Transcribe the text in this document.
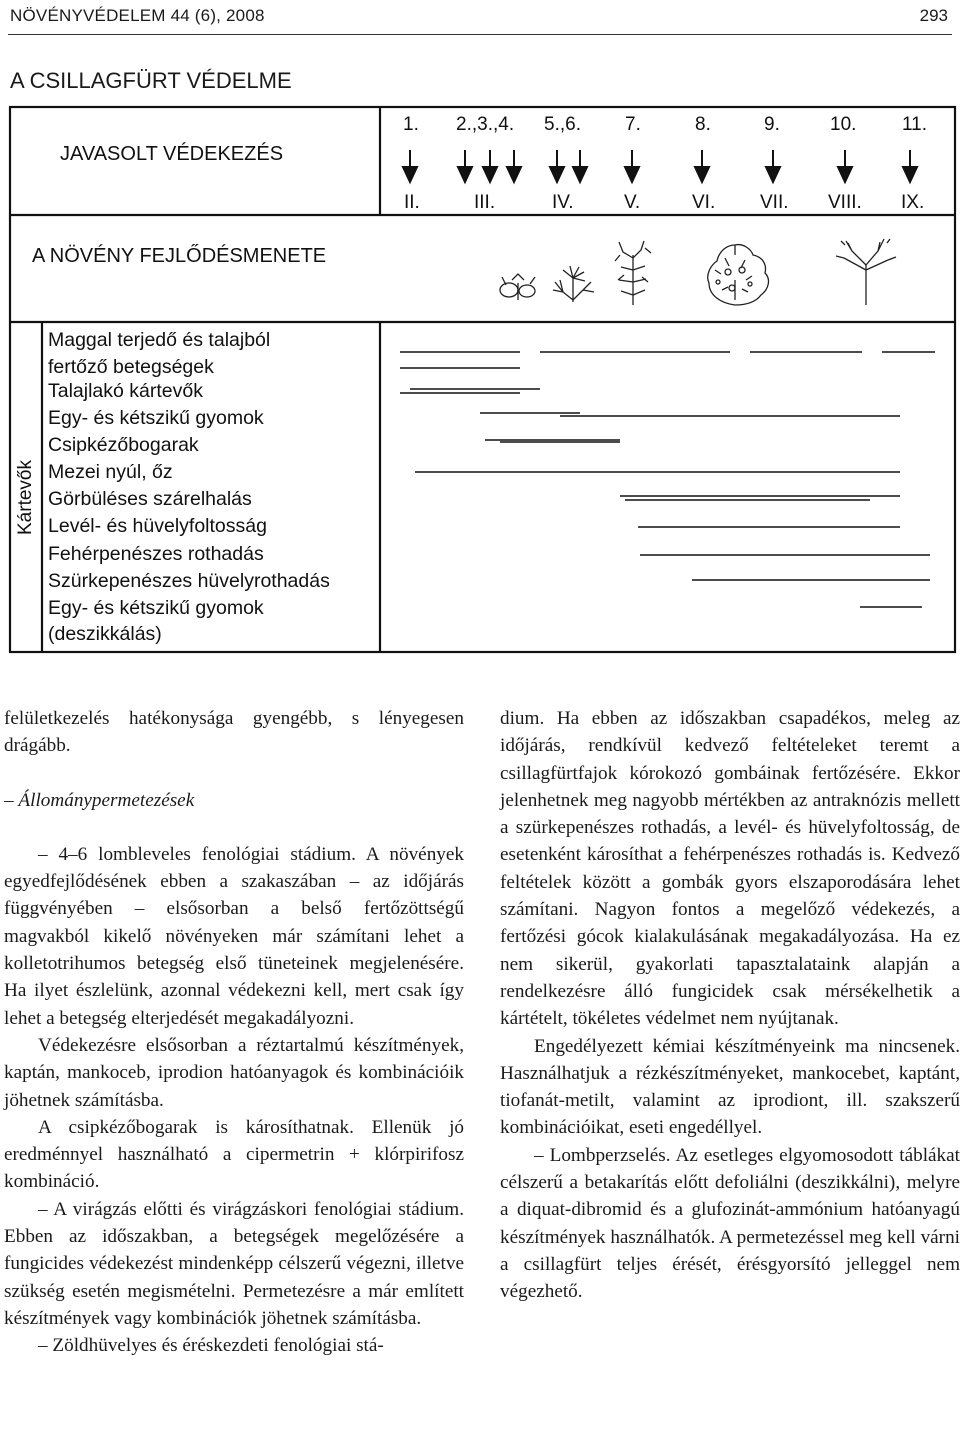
NÖVÉNYVÉDELEM 44 (6), 2008	293
A CSILLAGFÜRT VÉDELME
JAVASOLT VÉDEKEZÉS
A NÖVÉNY FEJLŐDÉSMENETE
Kártevők
1. 2.,3.,4. 5.,6. 7.	8.	9.	10. 11.
II.	III.	IV.	V.	VI. VII. VIII. IX.
Maggal terjedő és talajból
fertőző betegségek
Talajlakó kártevők
Egy- és kétszikű gyomok
Csipkézőbogarak
Mezei nyúl, őz
Görbüléses szárelhalás
Levél- és hüvelyfoltosság
Fehérpenészes rothadás
Szürkepenészes hüvelyrothadás
Egy- és kétszikű gyomok
(deszikkálás)

felületkezelés hatékonysága gyengébb, s lényegesen drágább.

– Állománypermetezések

– 4–6 lombleveles fenológiai stádium. A növények egyedfejlődésének ebben a szakaszában – az időjárás függvényében – elsősorban a belső fertőzöttségű magvakból kikelő növényeken már számítani lehet a kolletotrihumos betegség első tüneteinek megjelenésére. Ha ilyet észlelünk, azonnal védekezni kell, mert csak így lehet a betegség elterjedését megakadályozni.

Védekezésre elsősorban a réztartalmú készítmények, kaptán, mankoceb, iprodion hatóanyagok és kombinációik jöhetnek számításba.

A csipkézőbogarak is károsíthatnak. Ellenük jó eredménnyel használható a cipermetrin + klórpirifosz kombináció.

– A virágzás előtti és virágzáskori fenológiai stádium. Ebben az időszakban, a betegségek megelőzésére a fungicides védekezést mindenképp célszerű végezni, illetve szükség esetén megismételni. Permetezésre a már említett készítmények vagy kombinációk jöhetnek számításba.

– Zöldhüvelyes és éréskezdeti fenológiai stá-

dium. Ha ebben az időszakban csapadékos, meleg az időjárás, rendkívül kedvező feltételeket teremt a csillagfürtfajok kórokozó gombáinak fertőzésére. Ekkor jelenhetnek meg nagyobb mértékben az antraknózis mellett a szürkepenészes rothadás, a levél- és hüvelyfoltosság, de esetenként károsíthat a fehérpenészes rothadás is. Kedvező feltételek között a gombák gyors elszaporodására lehet számítani. Nagyon fontos a megelőző védekezés, a fertőzési gócok kialakulásának megakadályozása. Ha ez nem sikerül, gyakorlati tapasztalataink alapján a rendelkezésre álló fungicidek csak mérsékelhetik a kártételt, tökéletes védelmet nem nyújtanak.

Engedélyezett kémiai készítményeink ma nincsenek. Használhatjuk a rézkészítményeket, mankocebet, kaptánt, tiofanát-metilt, valamint az iprodiont, ill. szakszerű kombinációikat, eseti engedéllyel.

– Lombperzselés. Az esetleges elgyomosodott táblákat célszerű a betakarítás előtt defoliálni (deszikkálni), melyre a diquat-dibromid és a glufozinát-ammónium hatóanyagú készítmények használhatók. A permetezéssel meg kell várni a csillagfürt teljes érését, érésgyorsító jelleggel nem végezhető.
